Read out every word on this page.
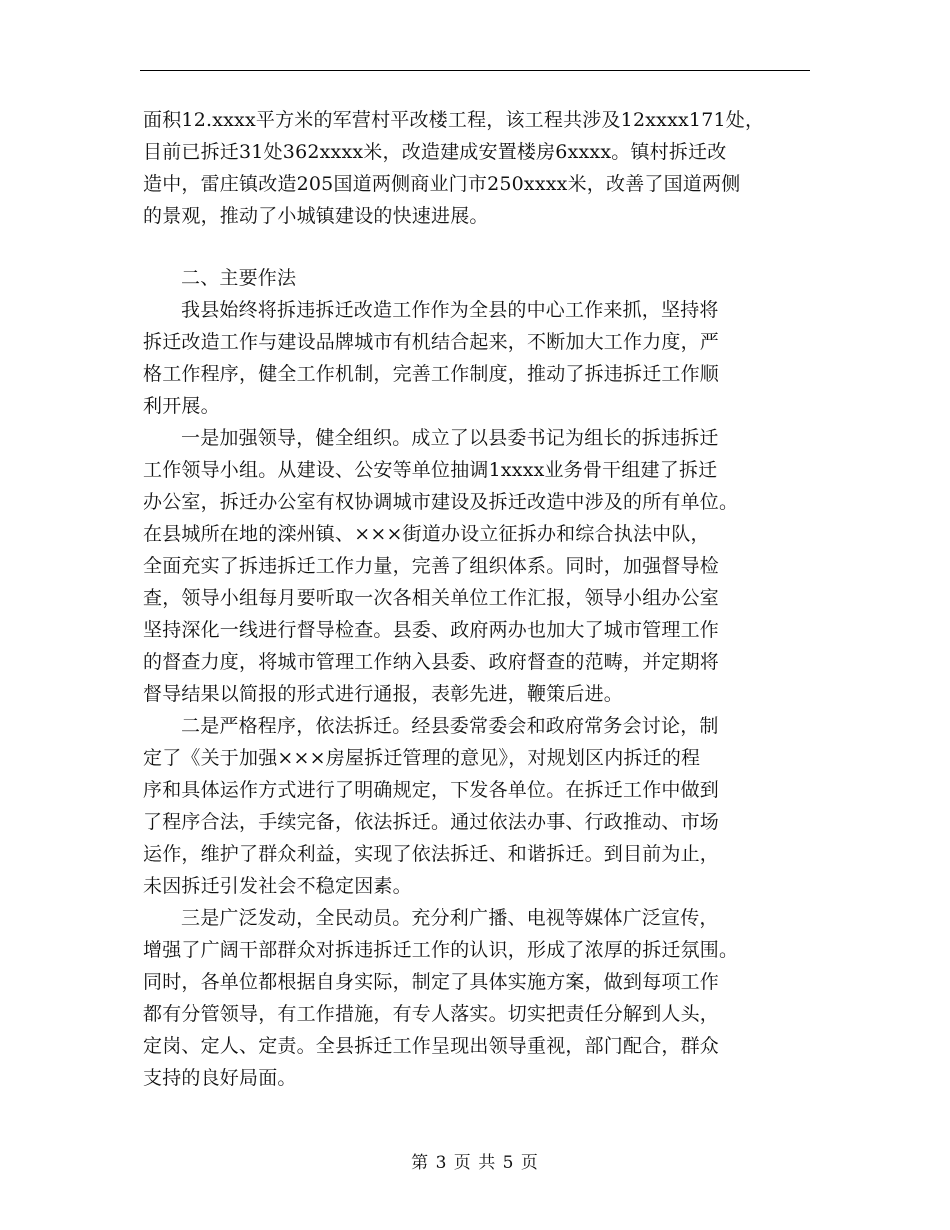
面积12.xxxx平方米的军营村平改楼工程，该工程共涉及12xxxx171处，
目前已拆迁31处362xxxx米，改造建成安置楼房6xxxx。镇村拆迁改
造中，雷庄镇改造205国道两侧商业门市250xxxx米，改善了国道两侧
的景观，推动了小城镇建设的快速进展。
二、主要作法
我县始终将拆违拆迁改造工作作为全县的中心工作来抓，坚持将
拆迁改造工作与建设品牌城市有机结合起来，不断加大工作力度，严
格工作程序，健全工作机制，完善工作制度，推动了拆违拆迁工作顺
利开展。
一是加强领导，健全组织。成立了以县委书记为组长的拆违拆迁
工作领导小组。从建设、公安等单位抽调1xxxx业务骨干组建了拆迁
办公室，拆迁办公室有权协调城市建设及拆迁改造中涉及的所有单位。
在县城所在地的滦州镇、×××街道办设立征拆办和综合执法中队，
全面充实了拆违拆迁工作力量，完善了组织体系。同时，加强督导检
查，领导小组每月要听取一次各相关单位工作汇报，领导小组办公室
坚持深化一线进行督导检查。县委、政府两办也加大了城市管理工作
的督查力度，将城市管理工作纳入县委、政府督查的范畴，并定期将
督导结果以简报的形式进行通报，表彰先进，鞭策后进。
二是严格程序，依法拆迁。经县委常委会和政府常务会讨论，制
定了《关于加强×××房屋拆迁管理的意见》，对规划区内拆迁的程
序和具体运作方式进行了明确规定，下发各单位。在拆迁工作中做到
了程序合法，手续完备，依法拆迁。通过依法办事、行政推动、市场
运作，维护了群众利益，实现了依法拆迁、和谐拆迁。到目前为止，
未因拆迁引发社会不稳定因素。
三是广泛发动，全民动员。充分利广播、电视等媒体广泛宣传，
增强了广阔干部群众对拆违拆迁工作的认识，形成了浓厚的拆迁氛围。
同时，各单位都根据自身实际，制定了具体实施方案，做到每项工作
都有分管领导，有工作措施，有专人落实。切实把责任分解到人头，
定岗、定人、定责。全县拆迁工作呈现出领导重视，部门配合，群众
支持的良好局面。
第 3 页 共 5 页
